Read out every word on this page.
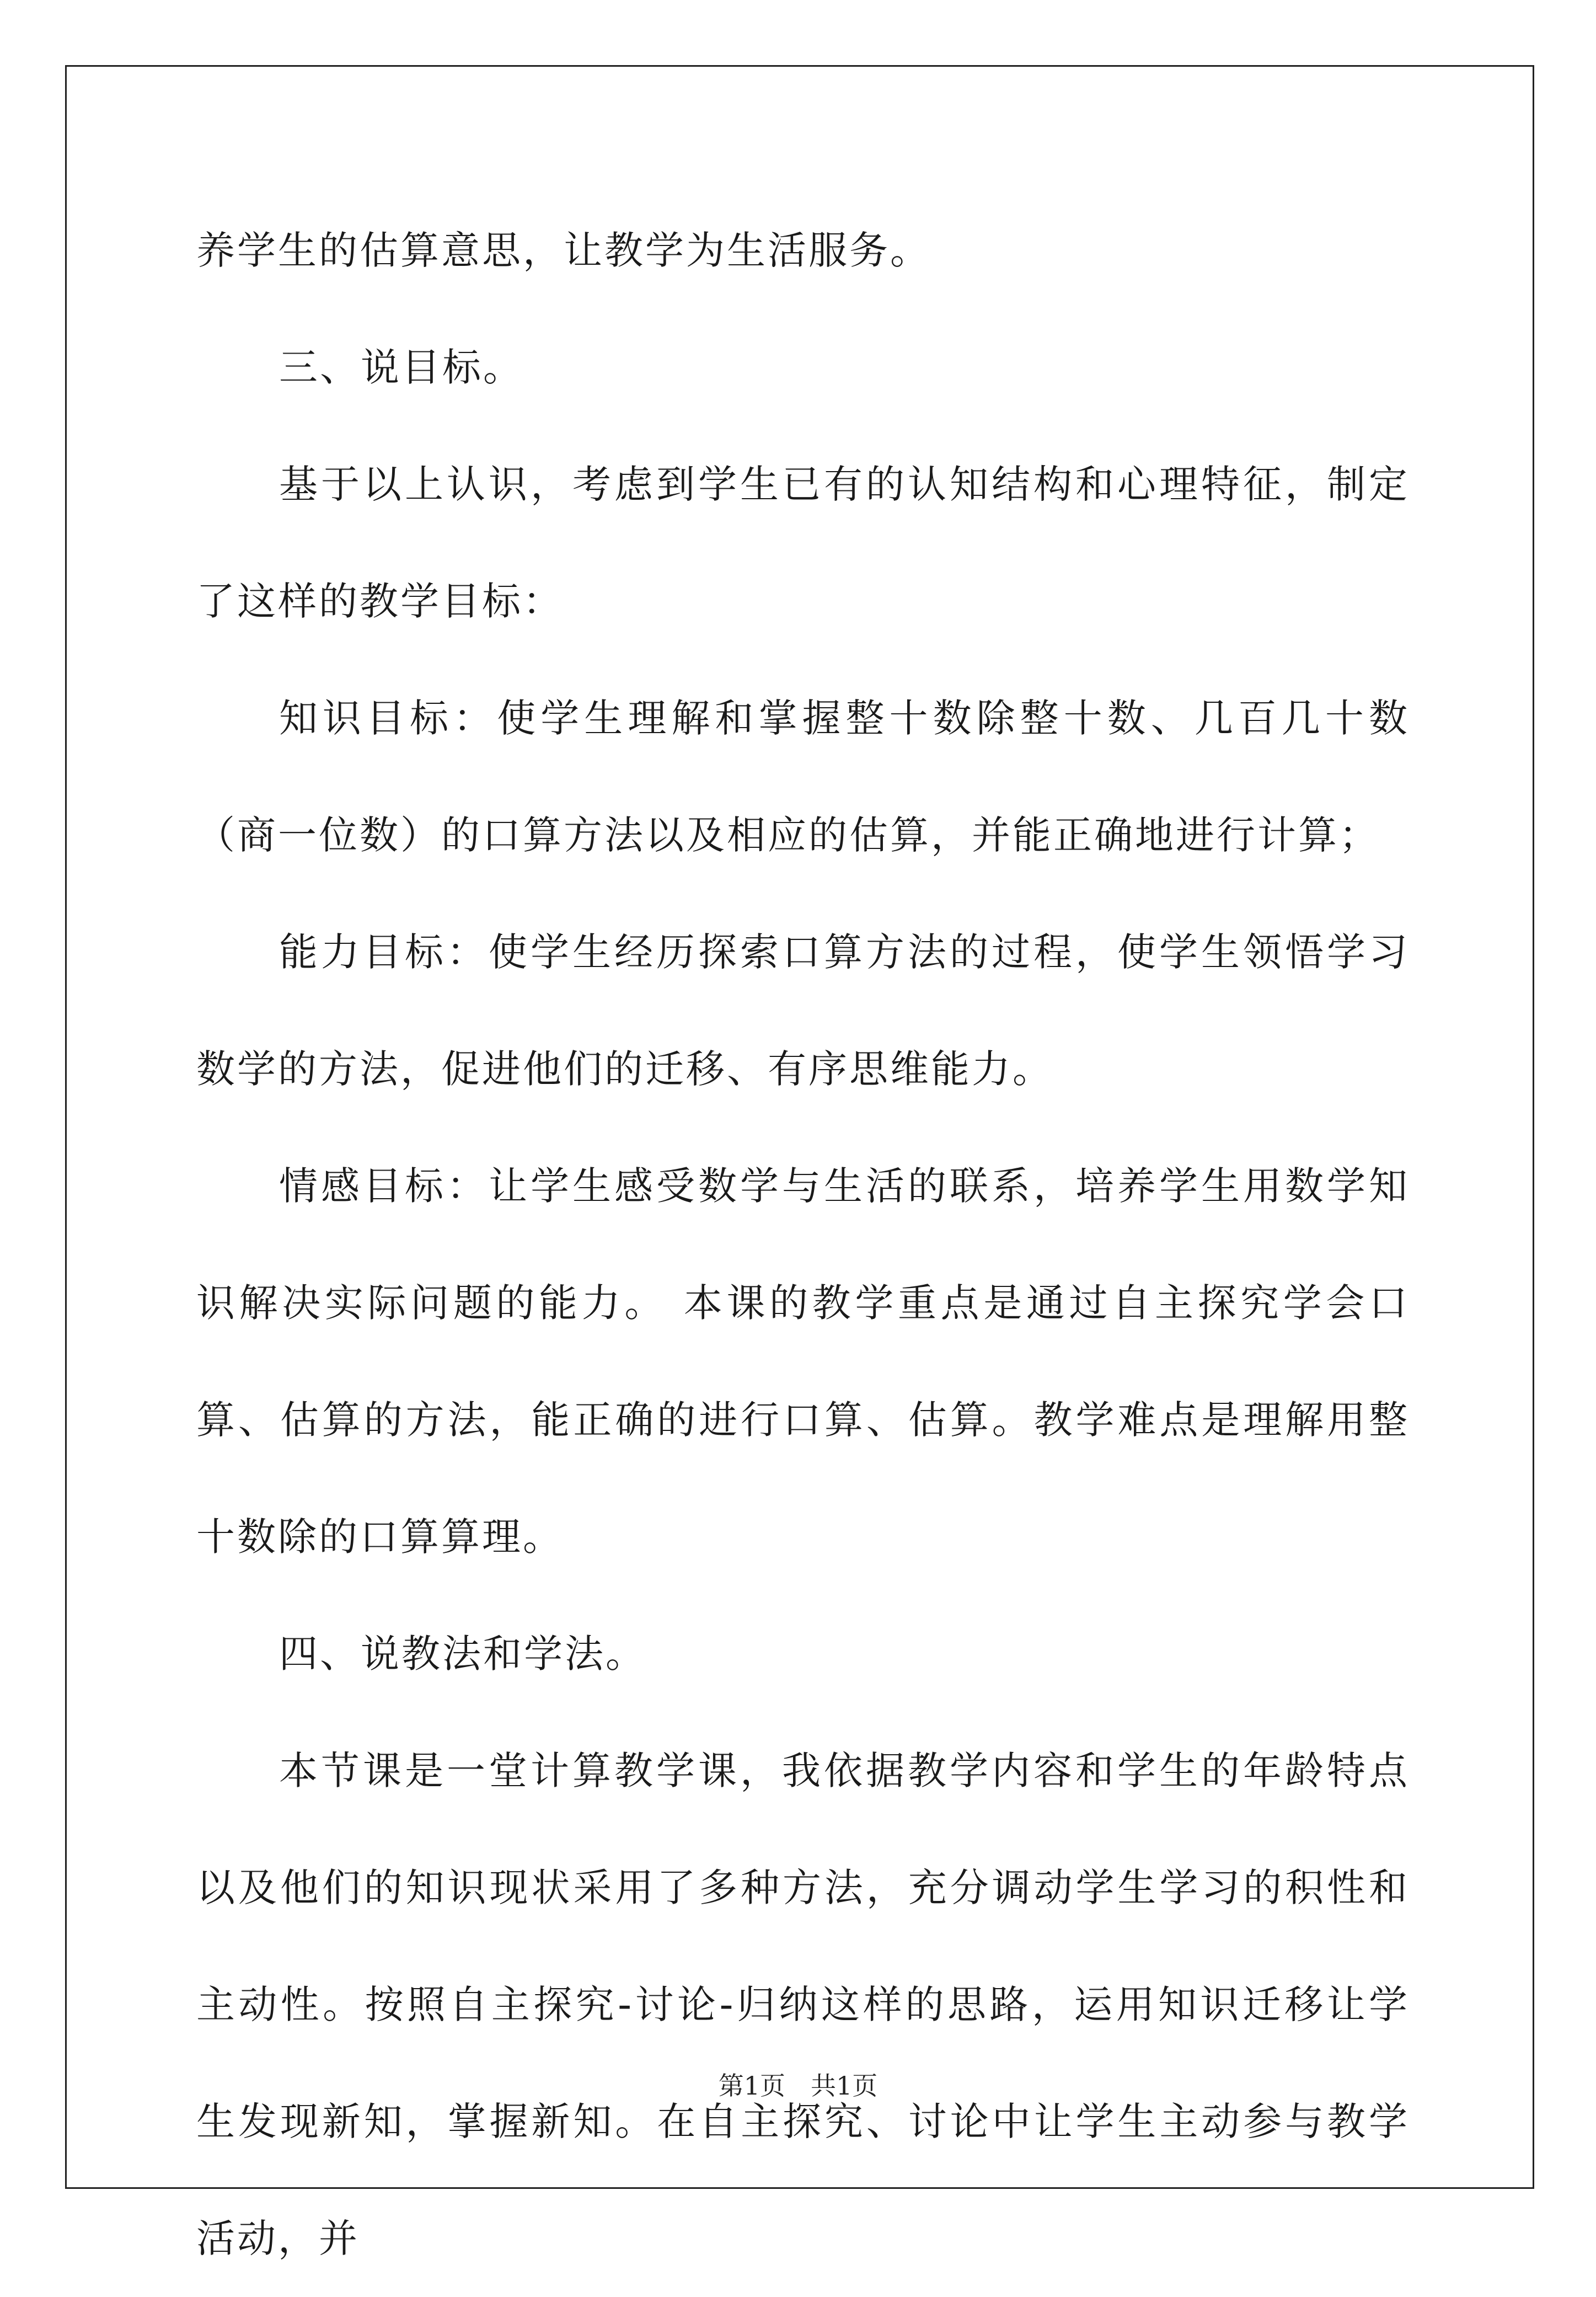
养学生的估算意思，让教学为生活服务。

三、说目标。

基于以上认识，考虑到学生已有的认知结构和心理特征，制定了这样的教学目标：

知识目标：使学生理解和掌握整十数除整十数、几百几十数（商一位数）的口算方法以及相应的估算，并能正确地进行计算；

能力目标：使学生经历探索口算方法的过程，使学生领悟学习数学的方法，促进他们的迁移、有序思维能力。

情感目标：让学生感受数学与生活的联系，培养学生用数学知识解决实际问题的能力。 本课的教学重点是通过自主探究学会口算、估算的方法，能正确的进行口算、估算。教学难点是理解用整十数除的口算算理。

四、说教法和学法。

本节课是一堂计算教学课，我依据教学内容和学生的年龄特点以及他们的知识现状采用了多种方法，充分调动学生学习的积性和主动性。按照自主探究-讨论-归纳这样的思路，运用知识迁移让学生发现新知，掌握新知。在自主探究、讨论中让学生主动参与教学活动，并

第1页　共1页
